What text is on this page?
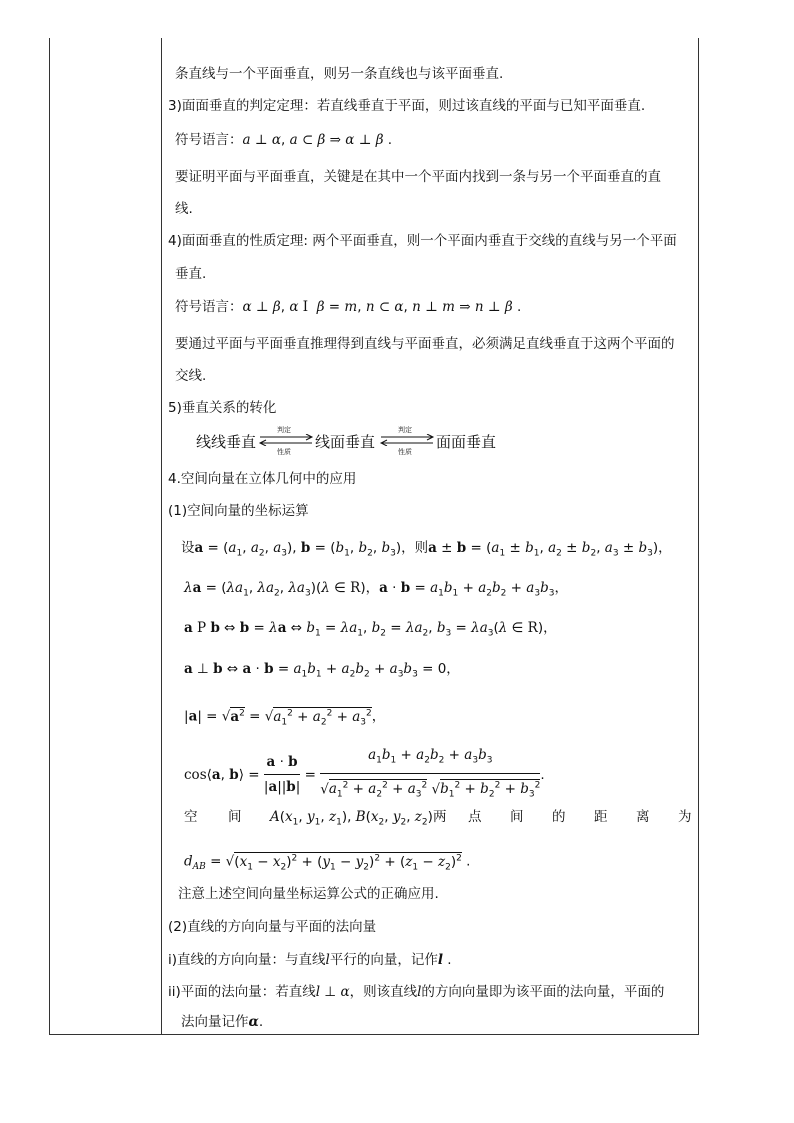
条直线与一个平面垂直，则另一条直线也与该平面垂直.
3)面面垂直的判定定理：若直线垂直于平面，则过该直线的平面与已知平面垂直.
符号语言：a ⊥ α, a ⊂ β ⇒ α ⊥ β .
要证明平面与平面垂直，关键是在其中一个平面内找到一条与另一个平面垂直的直
线.
4)面面垂直的性质定理: 两个平面垂直，则一个平面内垂直于交线的直线与另一个平面
垂直.
符号语言：α ⊥ β, α I β = m, n ⊂ α, n ⊥ m ⇒ n ⊥ β .
要通过平面与平面垂直推理得到直线与平面垂直，必须满足直线垂直于这两个平面的
交线.
5)垂直关系的转化
线线垂直
判定
性质
线面垂直
判定
性质
面面垂直
4.空间向量在立体几何中的应用
(1)空间向量的坐标运算
设$a = (a_1$, $a_2$, $a_3$), $b = (b_1$, $b_2$, $b_3$)，则$a \pm b = (a_1 \pm b_1$, $a_2 \pm b_2$, $a_3 \pm b_3$)，
$\lambda a = (\lambda a_1$, $\lambda a_2$, $\lambda a_3)(\lambda$ ∈ R)，$a \cdot b = a_1b_1 + a_2b_2 + a_3b_3$，
a P b ⇔ b = λa ⇔ $b_1 = \lambda a_1$, $b_2 = \lambda a_2$, $b_3 = \lambda a_3(\lambda$ ∈ R)，
a ⊥ b ⇔ $a \cdot b = a_1b_1 + a_2b_2 + a_3b_3 = 0$，
$|a| = √a^2 = √a_1^2 + a_2^2 + a_3^2$，
cos⟨a, b⟩ = $\frac{a \cdot b}{|a||b|} = \frac{a_1b_1 + a_2b_2 + a_3b_3}{√a_1^2 + a_2^2 + a_3^2 √b_1^2 + b_2^2 + b_3^2}$ .
空 间 $A(x_1$, $y_1$, $z_1$), $B(x_2$, $y_2$, $z_2$)两 点 间 的 距 离 为
$d_{AB} = √(x_1 - x_2)^2 + (y_1 - y_2)^2 + (z_1 - z_2)^2$ .
注意上述空间向量坐标运算公式的正确应用.
(2)直线的方向向量与平面的法向量
i)直线的方向向量：与直线l平行的向量，记作l .
ii)平面的法向量：若直线l ⊥ α，则该直线l的方向向量即为该平面的法向量，平面的
法向量记作α.
